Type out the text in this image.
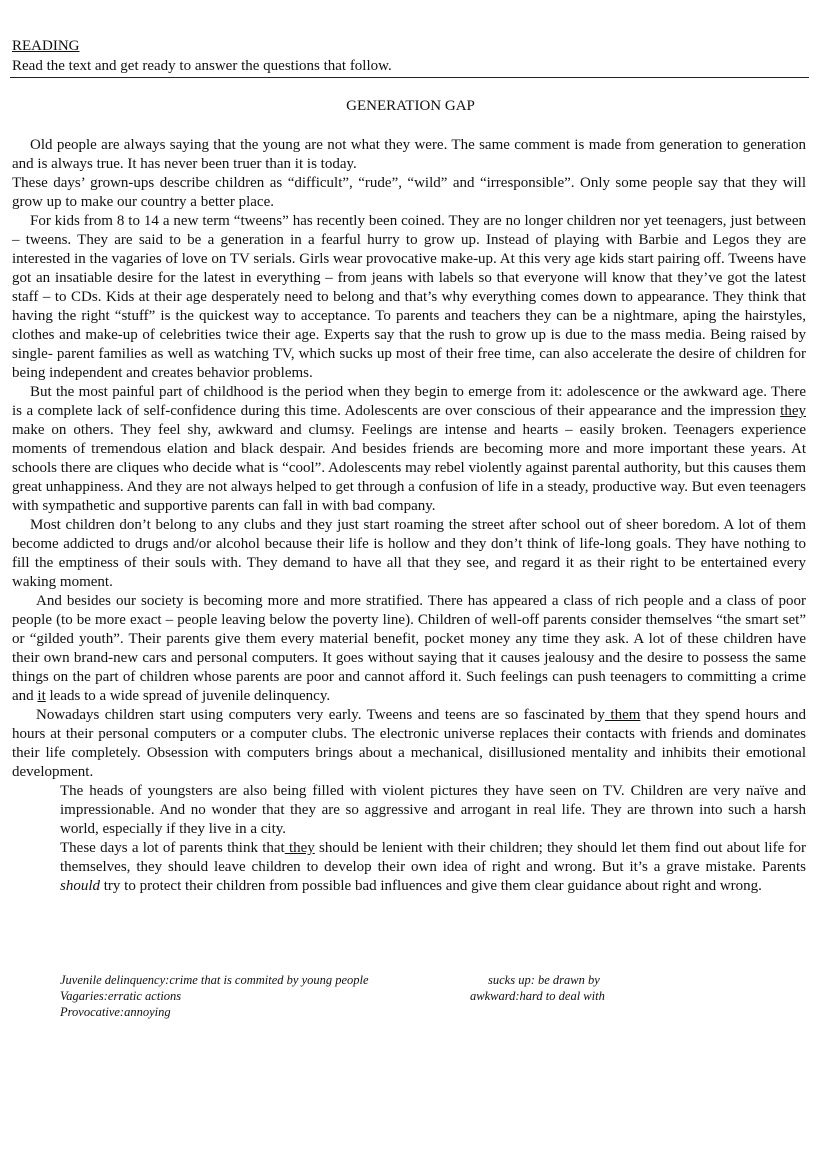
READING
Read the text and get ready to answer the questions that follow.
GENERATION GAP

Old people are always saying that the young are not what they were. The same comment is made from generation to generation and is always true. It has never been truer than it is today.

These days’ grown-ups describe children as “difficult”, “rude”, “wild” and “irresponsible”. Only some people say that they will grow up to make our country a better place.

For kids from 8 to 14 a new term “tweens” has recently been coined. They are no longer children nor yet teenagers, just between – tweens. They are said to be a generation in a fearful hurry to grow up. Instead of playing with Barbie and Legos they are interested in the vagaries of love on TV serials. Girls wear provocative make-up. At this very age kids start pairing off. Tweens have got an insatiable desire for the latest in everything – from jeans with labels so that everyone will know that they’ve got the latest staff – to CDs. Kids at their age desperately need to belong and that’s why everything comes down to appearance. They think that having the right “stuff” is the quickest way to acceptance. To parents and teachers they can be a nightmare, aping the hairstyles, clothes and make-up of celebrities twice their age. Experts say that the rush to grow up is due to the mass media. Being raised by single- parent families as well as watching TV, which sucks up most of their free time, can also accelerate the desire of children for being independent and creates behavior problems.

But the most painful part of childhood is the period when they begin to emerge from it: adolescence or the awkward age. There is a complete lack of self-confidence during this time. Adolescents are over conscious of their appearance and the impression they make on others. They feel shy, awkward and clumsy. Feelings are intense and hearts – easily broken. Teenagers experience moments of tremendous elation and black despair. And besides friends are becoming more and more important these years. At schools there are cliques who decide what is “cool”. Adolescents may rebel violently against parental authority, but this causes them great unhappiness. And they are not always helped to get through a confusion of life in a steady, productive way. But even teenagers with sympathetic and supportive parents can fall in with bad company.

Most children don’t belong to any clubs and they just start roaming the street after school out of sheer boredom. A lot of them become addicted to drugs and/or alcohol because their life is hollow and they don’t think of life-long goals. They have nothing to fill the emptiness of their souls with. They demand to have all that they see, and regard it as their right to be entertained every waking moment.

And besides our society is becoming more and more stratified. There has appeared a class of rich people and a class of poor people (to be more exact – people leaving below the poverty line). Children of well-off parents consider themselves “the smart set” or “gilded youth”. Their parents give them every material benefit, pocket money any time they ask. A lot of these children have their own brand-new cars and personal computers. It goes without saying that it causes jealousy and the desire to possess the same things on the part of children whose parents are poor and cannot afford it. Such feelings can push teenagers to committing a crime and it leads to a wide spread of juvenile delinquency.

Nowadays children start using computers very early. Tweens and teens are so fascinated by them that they spend hours and hours at their personal computers or a computer clubs. The electronic universe replaces their contacts with friends and dominates their life completely. Obsession with computers brings about a mechanical, disillusioned mentality and inhibits their emotional development.

The heads of youngsters are also being filled with violent pictures they have seen on TV. Children are very naïve and impressionable. And no wonder that they are so aggressive and arrogant in real life. They are thrown into such a harsh world, especially if they live in a city.

These days a lot of parents think that they should be lenient with their children; they should let them find out about life for themselves, they should leave children to develop their own idea of right and wrong. But it’s a grave mistake. Parents should try to protect their children from possible bad influences and give them clear guidance about right and wrong.

Juvenile delinquency:crime that is commited by young people
Vagaries:erratic actions
Provocative:annoying
sucks up: be drawn by
awkward:hard to deal with
